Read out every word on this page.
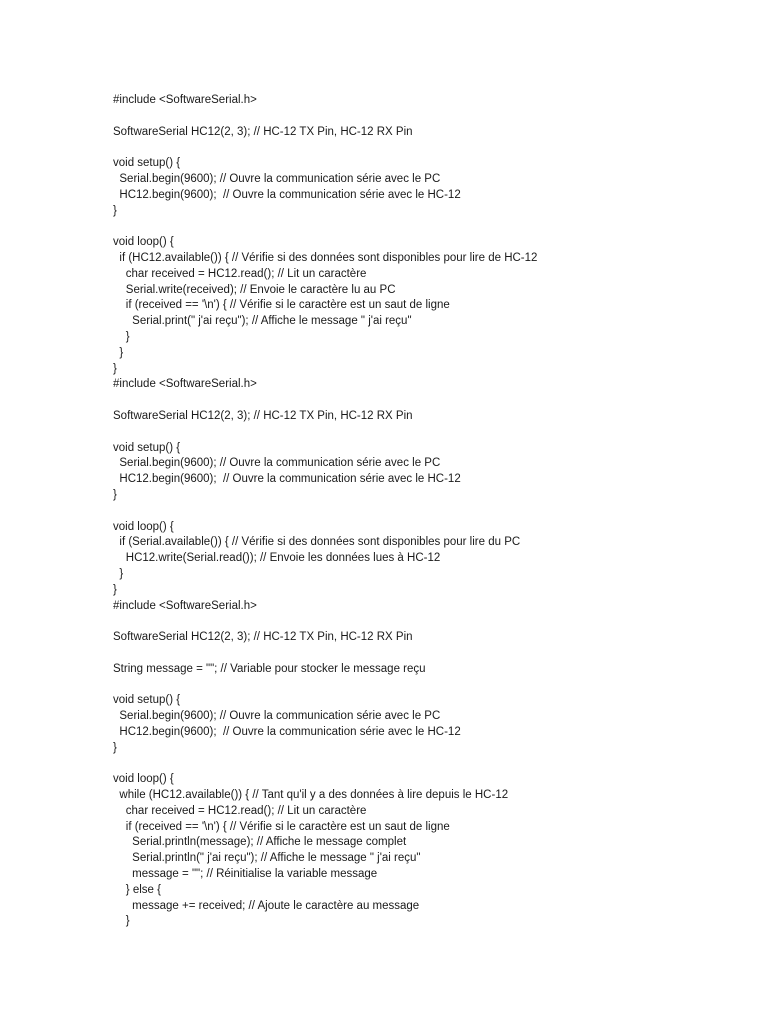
#include <SoftwareSerial.h>

SoftwareSerial HC12(2, 3); // HC-12 TX Pin, HC-12 RX Pin

void setup() {
Serial.begin(9600); // Ouvre la communication série avec le PC
HC12.begin(9600);  // Ouvre la communication série avec le HC-12
}

void loop() {
if (HC12.available()) { // Vérifie si des données sont disponibles pour lire de HC-12
char received = HC12.read(); // Lit un caractère
Serial.write(received); // Envoie le caractère lu au PC
if (received == '\n') { // Vérifie si le caractère est un saut de ligne
Serial.print(" j'ai reçu"); // Affiche le message " j'ai reçu"
}
}
}
#include <SoftwareSerial.h>

SoftwareSerial HC12(2, 3); // HC-12 TX Pin, HC-12 RX Pin

void setup() {
Serial.begin(9600); // Ouvre la communication série avec le PC
HC12.begin(9600);  // Ouvre la communication série avec le HC-12
}

void loop() {
if (Serial.available()) { // Vérifie si des données sont disponibles pour lire du PC
HC12.write(Serial.read()); // Envoie les données lues à HC-12
}
}
#include <SoftwareSerial.h>

SoftwareSerial HC12(2, 3); // HC-12 TX Pin, HC-12 RX Pin

String message = ""; // Variable pour stocker le message reçu

void setup() {
Serial.begin(9600); // Ouvre la communication série avec le PC
HC12.begin(9600);  // Ouvre la communication série avec le HC-12
}

void loop() {
while (HC12.available()) { // Tant qu'il y a des données à lire depuis le HC-12
char received = HC12.read(); // Lit un caractère
if (received == '\n') { // Vérifie si le caractère est un saut de ligne
Serial.println(message); // Affiche le message complet
Serial.println(" j'ai reçu"); // Affiche le message " j'ai reçu"
message = ""; // Réinitialise la variable message
} else {
message += received; // Ajoute le caractère au message
}
